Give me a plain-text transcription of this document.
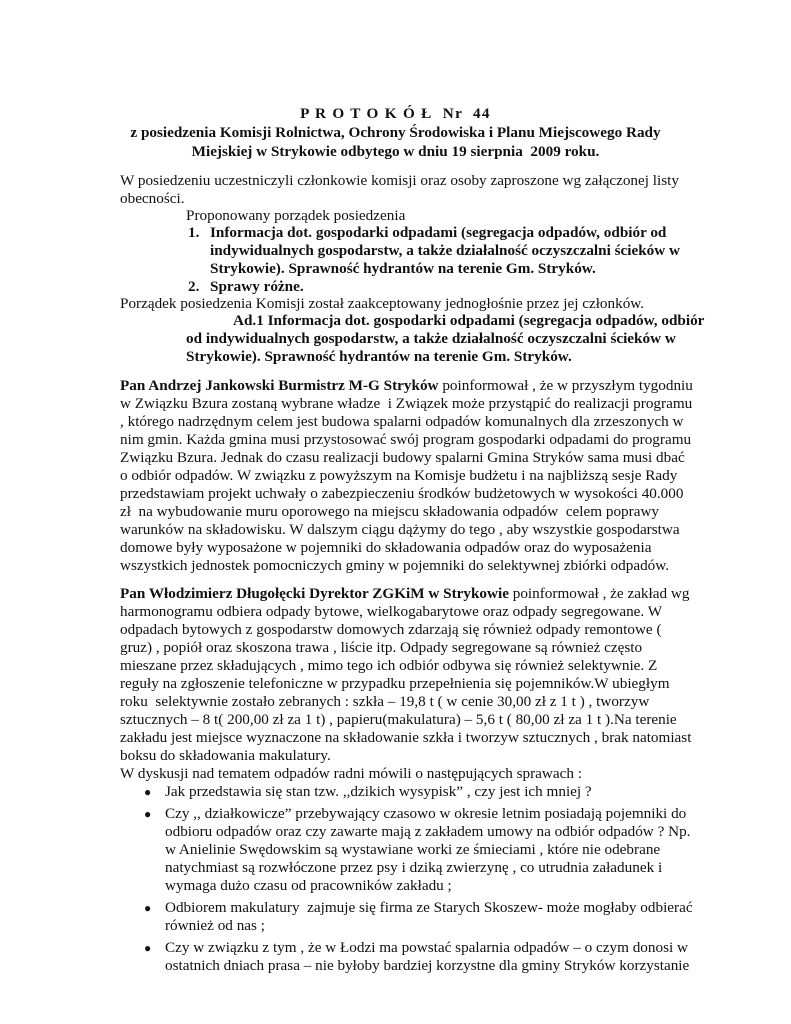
P R O T O K Ó Ł  Nr  44
z posiedzenia Komisji Rolnictwa, Ochrony Środowiska i Planu Miejscowego Rady
Miejskiej w Strykowie odbytego w dniu 19 sierpnia  2009 roku.
W posiedzeniu uczestniczyli członkowie komisji oraz osoby zaproszone wg załączonej listy
obecności.
Proponowany porządek posiedzenia
1. Informacja dot. gospodarki odpadami (segregacja odpadów, odbiór od
indywidualnych gospodarstw, a także działalność oczyszczalni ścieków w
Strykowie). Sprawność hydrantów na terenie Gm. Stryków.
2. Sprawy różne.
Porządek posiedzenia Komisji został zaakceptowany jednogłośnie przez jej członków.
Ad.1 Informacja dot. gospodarki odpadami (segregacja odpadów, odbiór
od indywidualnych gospodarstw, a także działalność oczyszczalni ścieków w
Strykowie). Sprawność hydrantów na terenie Gm. Stryków.
Pan Andrzej Jankowski Burmistrz M-G Stryków poinformował , że w przyszłym tygodniu
w Związku Bzura zostaną wybrane władze  i Związek może przystąpić do realizacji programu
, którego nadrzędnym celem jest budowa spalarni odpadów komunalnych dla zrzeszonych w
nim gmin. Każda gmina musi przystosować swój program gospodarki odpadami do programu
Związku Bzura. Jednak do czasu realizacji budowy spalarni Gmina Stryków sama musi dbać
o odbiór odpadów. W związku z powyższym na Komisje budżetu i na najbliższą sesje Rady
przedstawiam projekt uchwały o zabezpieczeniu środków budżetowych w wysokości 40.000
zł  na wybudowanie muru oporowego na miejscu składowania odpadów  celem poprawy
warunków na składowisku. W dalszym ciągu dążymy do tego , aby wszystkie gospodarstwa
domowe były wyposażone w pojemniki do składowania odpadów oraz do wyposażenia
wszystkich jednostek pomocniczych gminy w pojemniki do selektywnej zbiórki odpadów.
Pan Włodzimierz Długołęcki Dyrektor ZGKiM w Strykowie poinformował , że zakład wg
harmonogramu odbiera odpady bytowe, wielkogabarytowe oraz odpady segregowane. W
odpadach bytowych z gospodarstw domowych zdarzają się również odpady remontowe (
gruz) , popiół oraz skoszona trawa , liście itp. Odpady segregowane są również często
mieszane przez składujących , mimo tego ich odbiór odbywa się również selektywnie. Z
reguły na zgłoszenie telefoniczne w przypadku przepełnienia się pojemników.W ubiegłym
roku  selektywnie zostało zebranych : szkła – 19,8 t ( w cenie 30,00 zł z 1 t ) , tworzyw
sztucznych – 8 t( 200,00 zł za 1 t) , papieru(makulatura) – 5,6 t ( 80,00 zł za 1 t ).Na terenie
zakładu jest miejsce wyznaczone na składowanie szkła i tworzyw sztucznych , brak natomiast
boksu do składowania makulatury.
W dyskusji nad tematem odpadów radni mówili o następujących sprawach :
● Jak przedstawia się stan tzw. ,,dzikich wysypisk” , czy jest ich mniej ?
● Czy ,, działkowicze” przebywający czasowo w okresie letnim posiadają pojemniki do
odbioru odpadów oraz czy zawarte mają z zakładem umowy na odbiór odpadów ? Np.
w Anielinie Swędowskim są wystawiane worki ze śmieciami , które nie odebrane
natychmiast są rozwłóczone przez psy i dziką zwierzynę , co utrudnia załadunek i
wymaga dużo czasu od pracowników zakładu ;
● Odbiorem makulatury  zajmuje się firma ze Starych Skoszew- może mogłaby odbierać
również od nas ;
● Czy w związku z tym , że w Łodzi ma powstać spalarnia odpadów – o czym donosi w
ostatnich dniach prasa – nie byłoby bardziej korzystne dla gminy Stryków korzystanie
